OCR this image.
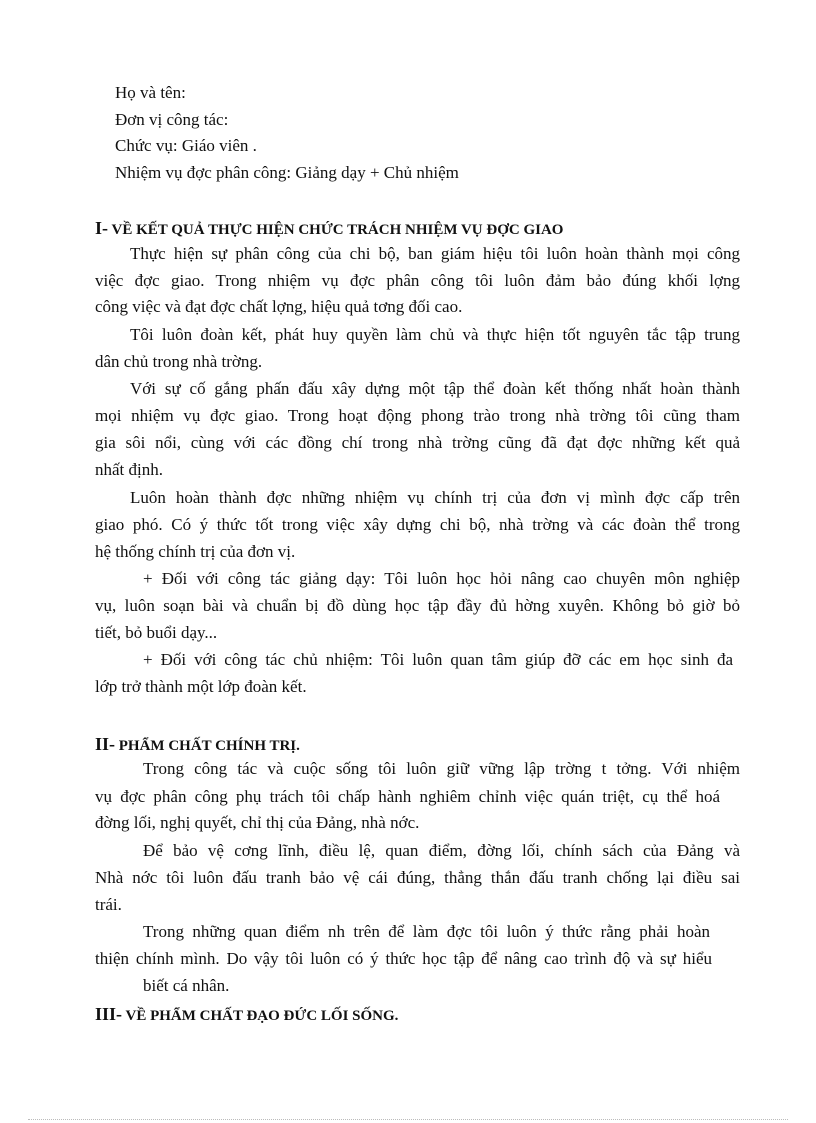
Họ và tên:
Đơn vị công tác:
Chức vụ: Giáo viên .
Nhiệm vụ đợc phân công: Giảng dạy + Chủ nhiệm
I- VỀ KẾT QUẢ THỰC HIỆN CHỨC TRÁCH NHIỆM VỤ ĐỢC GIAO
Thực hiện sự phân công của chi bộ, ban giám hiệu tôi luôn hoàn thành mọi công
việc đợc giao. Trong nhiệm vụ đợc phân công tôi luôn đảm bảo đúng khối lợng
công việc và đạt đợc chất lợng, hiệu quả tơng đối cao.
Tôi luôn đoàn kết, phát huy quyền làm chủ và thực hiện tốt nguyên tắc tập trung
dân chủ trong nhà trờng.
Với sự cố gắng phấn đấu xây dựng một tập thể đoàn kết thống nhất hoàn thành
mọi nhiệm vụ đợc giao. Trong hoạt động phong trào trong nhà trờng tôi cũng tham
gia sôi nổi, cùng với các đồng chí trong nhà trờng cũng đã đạt đợc những kết quả
nhất định.
Luôn hoàn thành đợc những nhiệm vụ chính trị của đơn vị mình đợc cấp trên
giao phó. Có ý thức tốt trong việc xây dựng chi bộ, nhà trờng và các đoàn thể trong
hệ thống chính trị của đơn vị.
+ Đối với công tác giảng dạy: Tôi luôn học hỏi nâng cao chuyên môn nghiệp
vụ, luôn soạn bài và chuẩn bị đồ dùng học tập đầy đủ hờng xuyên. Không bỏ giờ bỏ
tiết, bỏ buổi dạy...
+ Đối với công tác chủ nhiệm: Tôi luôn quan tâm giúp đỡ các em học sinh đa
lớp trở thành một lớp đoàn kết.
II- PHẨM CHẤT CHÍNH TRỊ.
Trong công tác và cuộc sống tôi luôn giữ vững lập trờng t tởng. Với nhiệm
vụ đợc phân công phụ trách tôi chấp hành nghiêm chỉnh việc quán triệt, cụ thể hoá
đờng lối, nghị quyết, chỉ thị của Đảng, nhà nớc.
Để bảo vệ cơng lĩnh, điều lệ, quan điểm, đờng lối, chính sách của Đảng và
Nhà nớc tôi luôn đấu tranh bảo vệ cái đúng, thẳng thắn đấu tranh chống lại điều sai
trái.
Trong những quan điểm nh trên để làm đợc tôi luôn ý thức rằng phải hoàn
thiện chính mình. Do vậy tôi luôn có ý thức học tập để nâng cao trình độ và sự hiểu
biết cá nhân.
III- VỀ PHẨM CHẤT ĐẠO ĐỨC LỐI SỐNG.
